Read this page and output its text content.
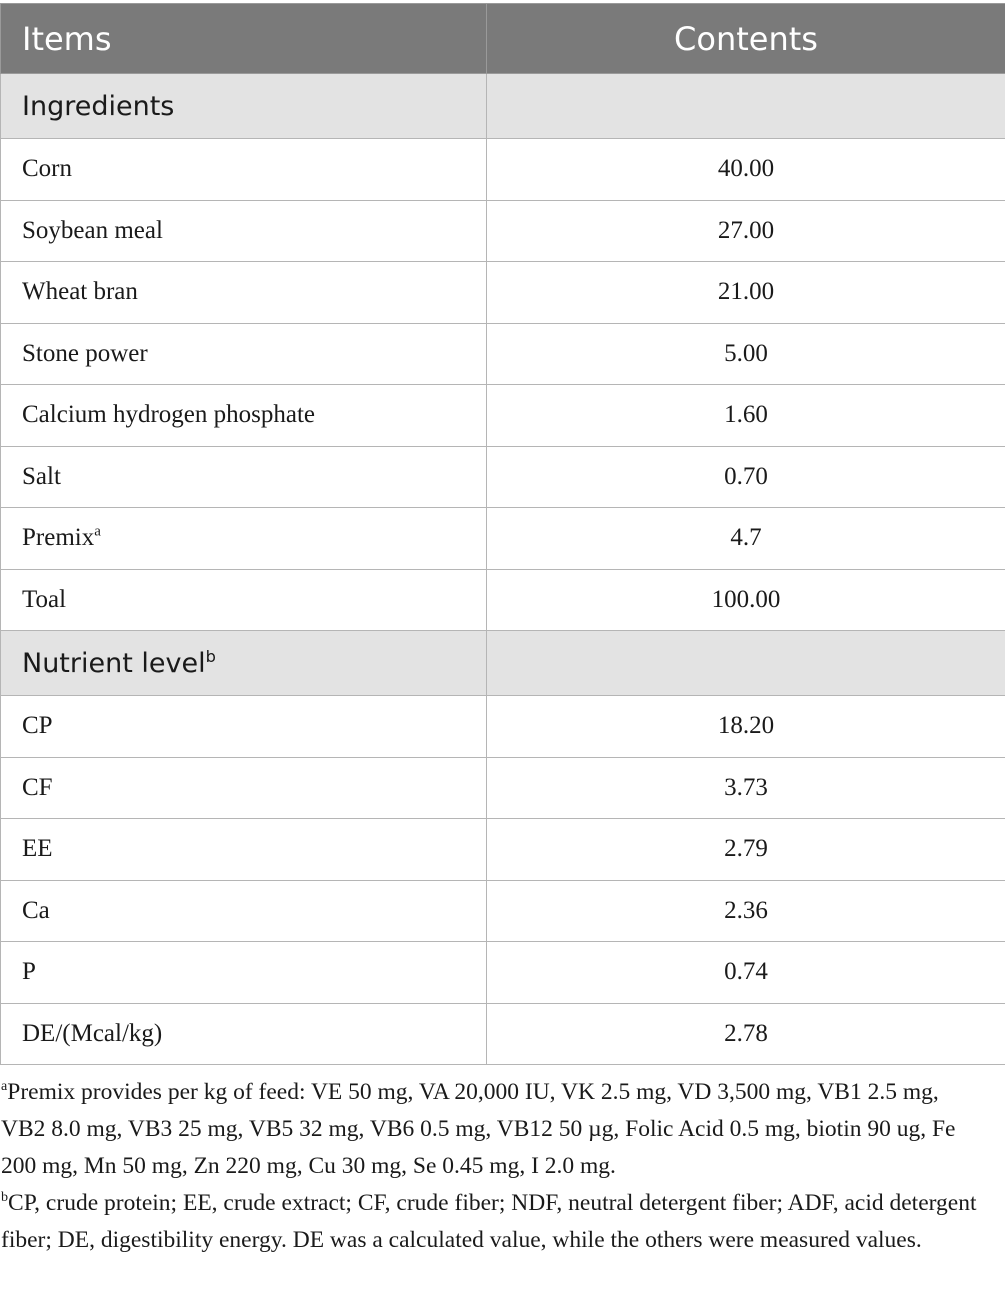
Items	Contents
Ingredients	
Corn	40.00
Soybean meal	27.00
Wheat bran	21.00
Stone power	5.00
Calcium hydrogen phosphate	1.60
Salt	0.70
Premix$^a$	4.7
Toal	100.00
Nutrient level$^b$	
CP	18.20
CF	3.73
EE	2.79
Ca	2.36
P	0.74
DE/(Mcal/kg)	2.78

$^a$Premix provides per kg of feed: VE 50 mg, VA 20,000 IU, VK 2.5 mg, VD 3,500 mg, VB1 2.5 mg, VB2 8.0 mg, VB3 25 mg, VB5 32 mg, VB6 0.5 mg, VB12 50 µg, Folic Acid 0.5 mg, biotin 90 ug, Fe 200 mg, Mn 50 mg, Zn 220 mg, Cu 30 mg, Se 0.45 mg, I 2.0 mg.

$^b$CP, crude protein; EE, crude extract; CF, crude fiber; NDF, neutral detergent fiber; ADF, acid detergent fiber; DE, digestibility energy. DE was a calculated value, while the others were measured values.
